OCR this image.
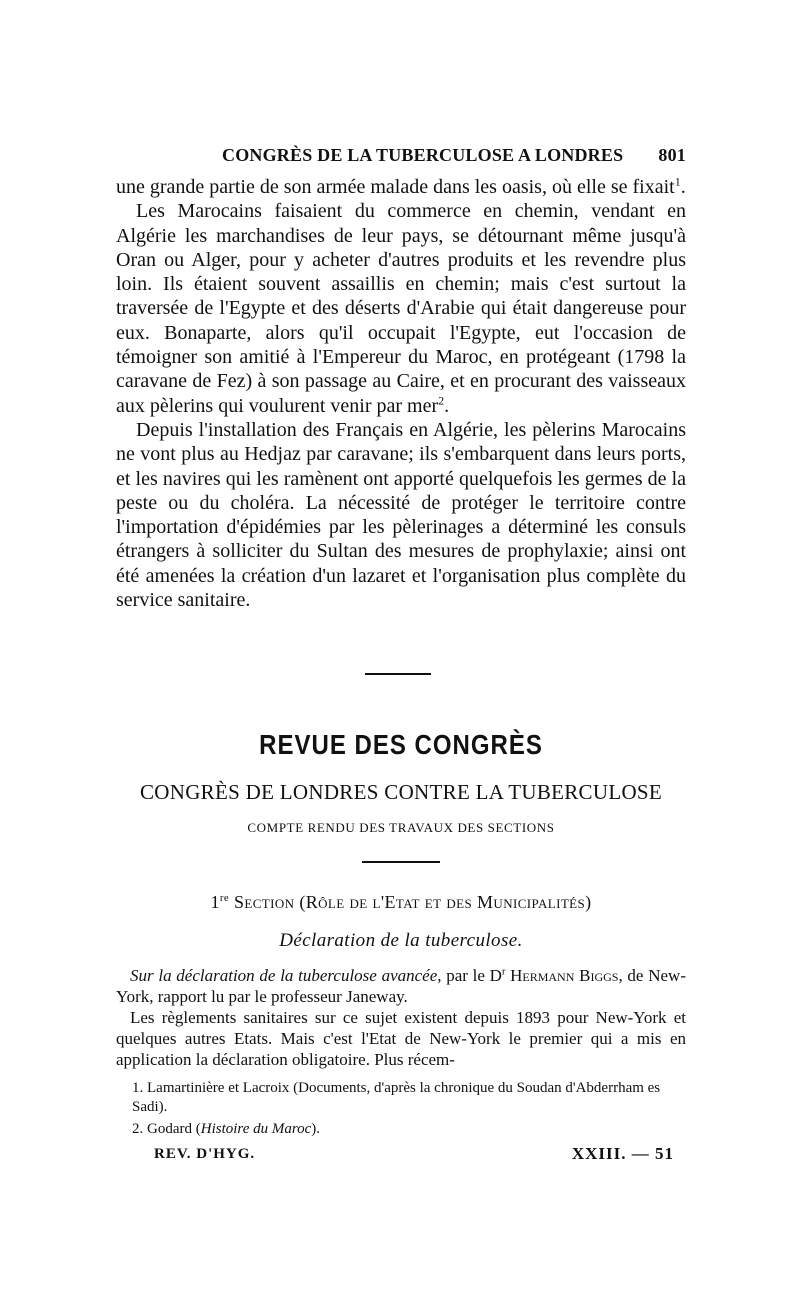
CONGRÈS DE LA TUBERCULOSE A LONDRES 801

une grande partie de son armée malade dans les oasis, où elle se fixait$^1$.

Les Marocains faisaient du commerce en chemin, vendant en Algérie les marchandises de leur pays, se détournant même jusqu'à Oran ou Alger, pour y acheter d'autres produits et les revendre plus loin. Ils étaient souvent assaillis en chemin; mais c'est surtout la traversée de l'Egypte et des déserts d'Arabie qui était dangereuse pour eux. Bonaparte, alors qu'il occupait l'Egypte, eut l'occasion de témoigner son amitié à l'Empereur du Maroc, en protégeant (1798 la caravane de Fez) à son passage au Caire, et en procurant des vaisseaux aux pèlerins qui voulurent venir par mer$^2$.

Depuis l'installation des Français en Algérie, les pèlerins Marocains ne vont plus au Hedjaz par caravane; ils s'embarquent dans leurs ports, et les navires qui les ramènent ont apporté quelquefois les germes de la peste ou du choléra. La nécessité de protéger le territoire contre l'importation d'épidémies par les pèlerinages a déterminé les consuls étrangers à solliciter du Sultan des mesures de prophylaxie; ainsi ont été amenées la création d'un lazaret et l'organisation plus complète du service sanitaire.

REVUE DES CONGRÈS
CONGRÈS DE LONDRES CONTRE LA TUBERCULOSE
COMPTE RENDU DES TRAVAUX DES SECTIONS
1re Section (Rôle de l'Etat et des Municipalités)
Déclaration de la tuberculose.

Sur la déclaration de la tuberculose avancée, par le $D^r$ Hermann Biggs, de New-York, rapport lu par le professeur Janeway.

Les règlements sanitaires sur ce sujet existent depuis 1893 pour New-York et quelques autres Etats. Mais c'est l'Etat de New-York le premier qui a mis en application la déclaration obligatoire. Plus récem-

1. Lamartinière et Lacroix (Documents, d'après la chronique du Soudan d'Abderrham es Sadi).

2. Godard (Histoire du Maroc).

REV. D'HYG.	XXIII. — 51
